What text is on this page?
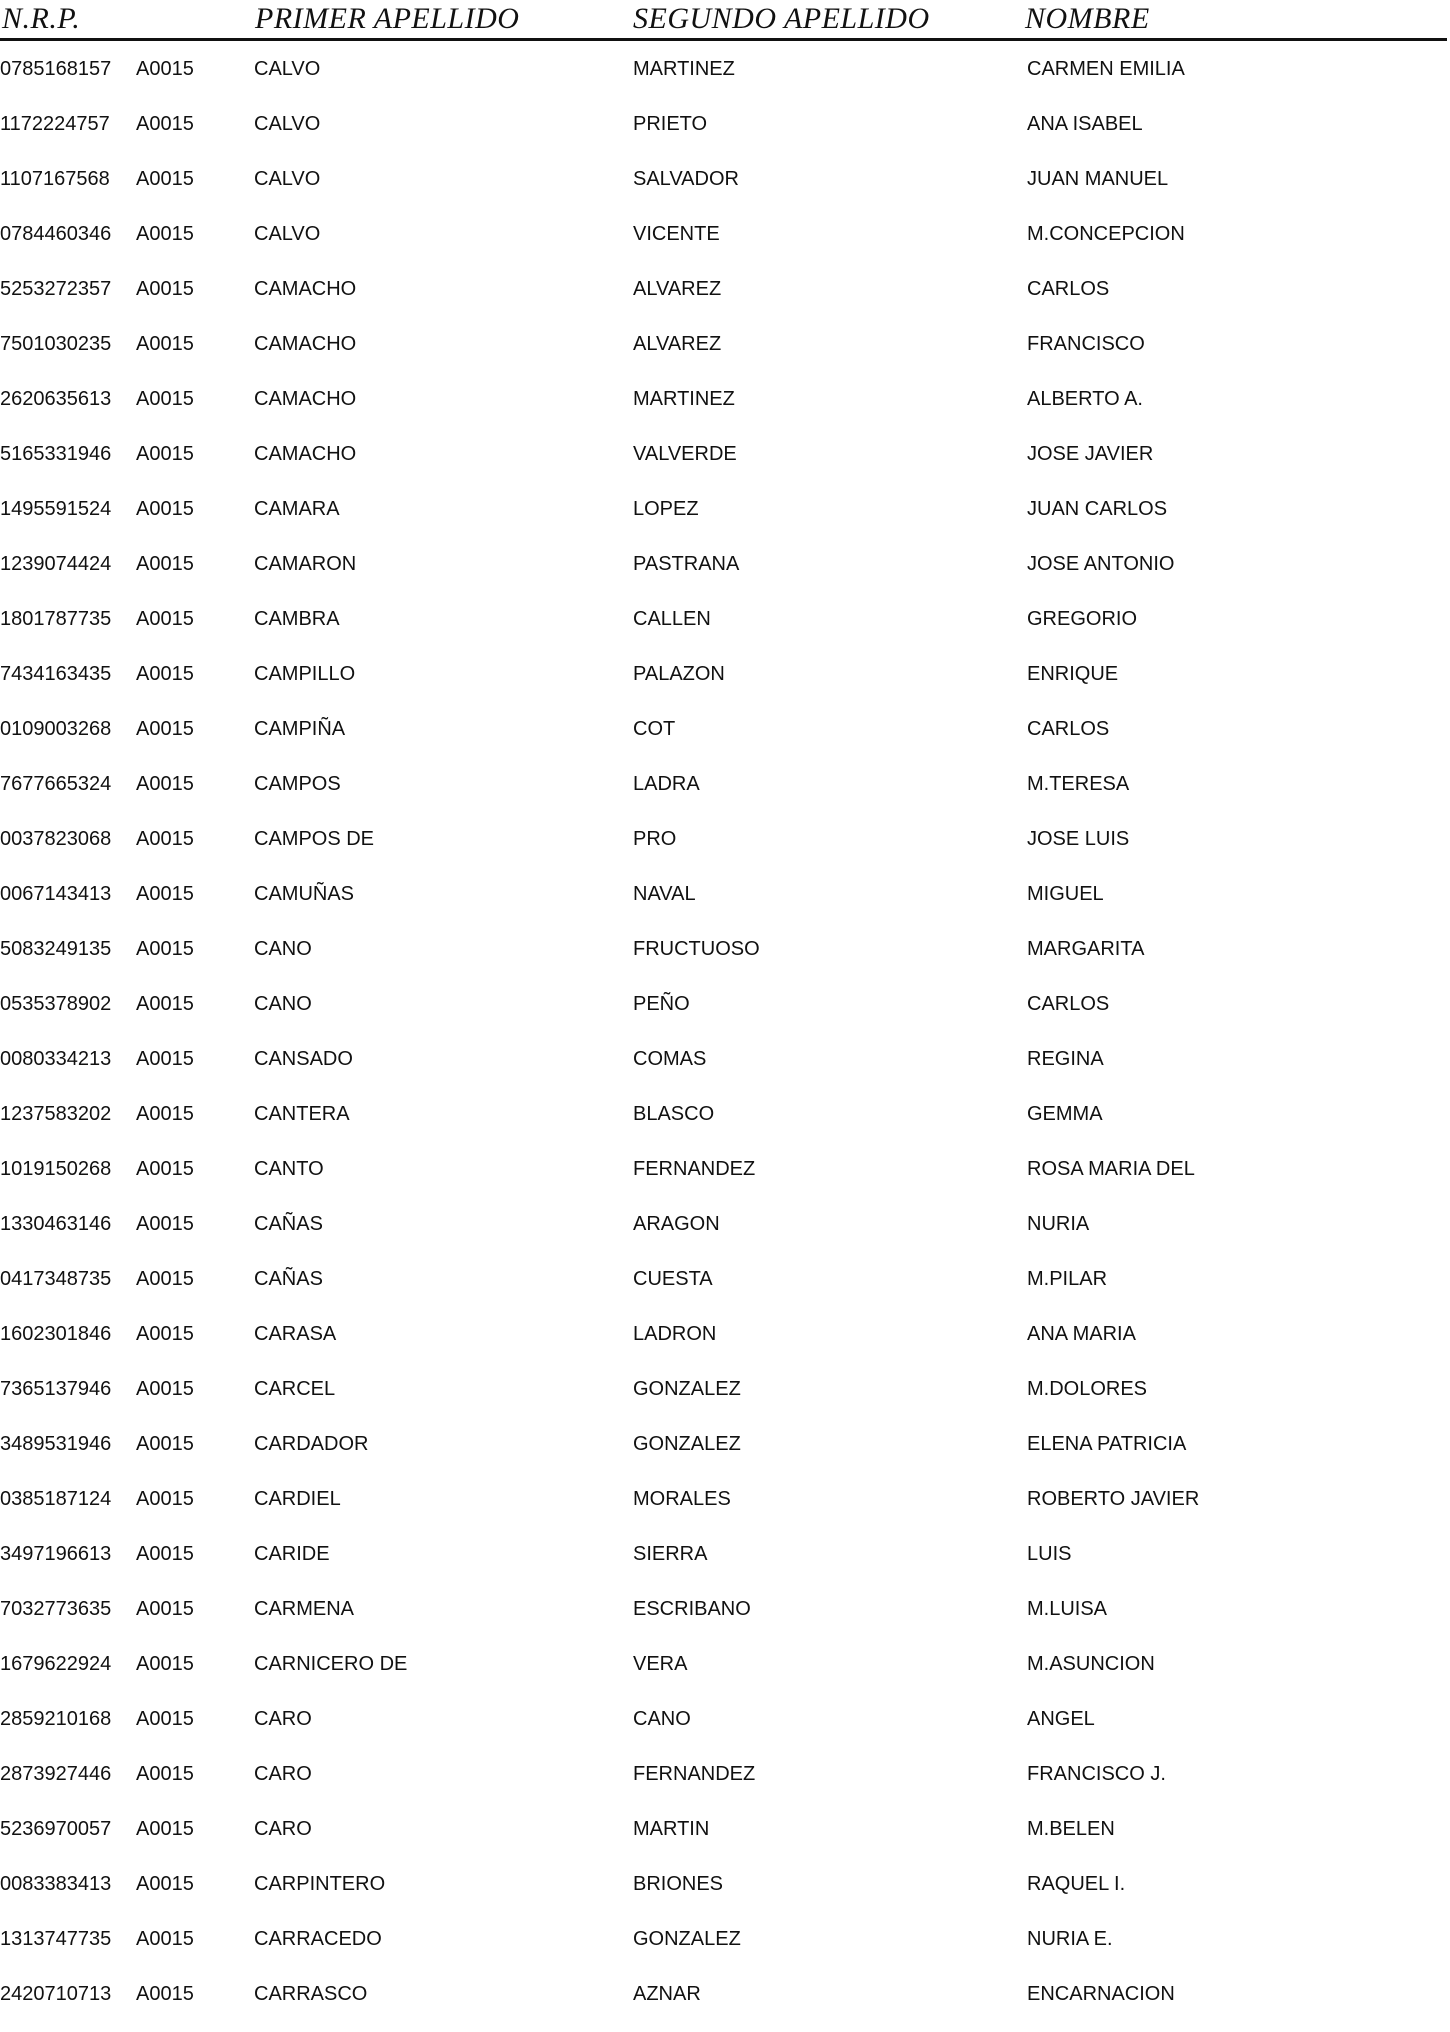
N.R.P.	PRIMER APELLIDO	SEGUNDO APELLIDO	NOMBRE
0785168157 A0015	CALVO	MARTINEZ	CARMEN EMILIA
1172224757 A0015	CALVO	PRIETO	ANA ISABEL
1107167568 A0015	CALVO	SALVADOR	JUAN MANUEL
0784460346 A0015	CALVO	VICENTE	M.CONCEPCION
5253272357 A0015	CAMACHO	ALVAREZ	CARLOS
7501030235 A0015	CAMACHO	ALVAREZ	FRANCISCO
2620635613 A0015	CAMACHO	MARTINEZ	ALBERTO A.
5165331946 A0015	CAMACHO	VALVERDE	JOSE JAVIER
1495591524 A0015	CAMARA	LOPEZ	JUAN CARLOS
1239074424 A0015	CAMARON	PASTRANA	JOSE ANTONIO
1801787735 A0015	CAMBRA	CALLEN	GREGORIO
7434163435 A0015	CAMPILLO	PALAZON	ENRIQUE
0109003268 A0015	CAMPIÑA	COT	CARLOS
7677665324 A0015	CAMPOS	LADRA	M.TERESA
0037823068 A0015	CAMPOS DE	PRO	JOSE LUIS
0067143413 A0015	CAMUÑAS	NAVAL	MIGUEL
5083249135 A0015	CANO	FRUCTUOSO	MARGARITA
0535378902 A0015	CANO	PEÑO	CARLOS
0080334213 A0015	CANSADO	COMAS	REGINA
1237583202 A0015	CANTERA	BLASCO	GEMMA
1019150268 A0015	CANTO	FERNANDEZ	ROSA MARIA DEL
1330463146 A0015	CAÑAS	ARAGON	NURIA
0417348735 A0015	CAÑAS	CUESTA	M.PILAR
1602301846 A0015	CARASA	LADRON	ANA MARIA
7365137946 A0015	CARCEL	GONZALEZ	M.DOLORES
3489531946 A0015	CARDADOR	GONZALEZ	ELENA PATRICIA
0385187124 A0015	CARDIEL	MORALES	ROBERTO JAVIER
3497196613 A0015	CARIDE	SIERRA	LUIS
7032773635 A0015	CARMENA	ESCRIBANO	M.LUISA
1679622924 A0015	CARNICERO DE	VERA	M.ASUNCION
2859210168 A0015	CARO	CANO	ANGEL
2873927446 A0015	CARO	FERNANDEZ	FRANCISCO J.
5236970057 A0015	CARO	MARTIN	M.BELEN
0083383413 A0015	CARPINTERO	BRIONES	RAQUEL I.
1313747735 A0015	CARRACEDO	GONZALEZ	NURIA E.
2420710713 A0015	CARRASCO	AZNAR	ENCARNACION
